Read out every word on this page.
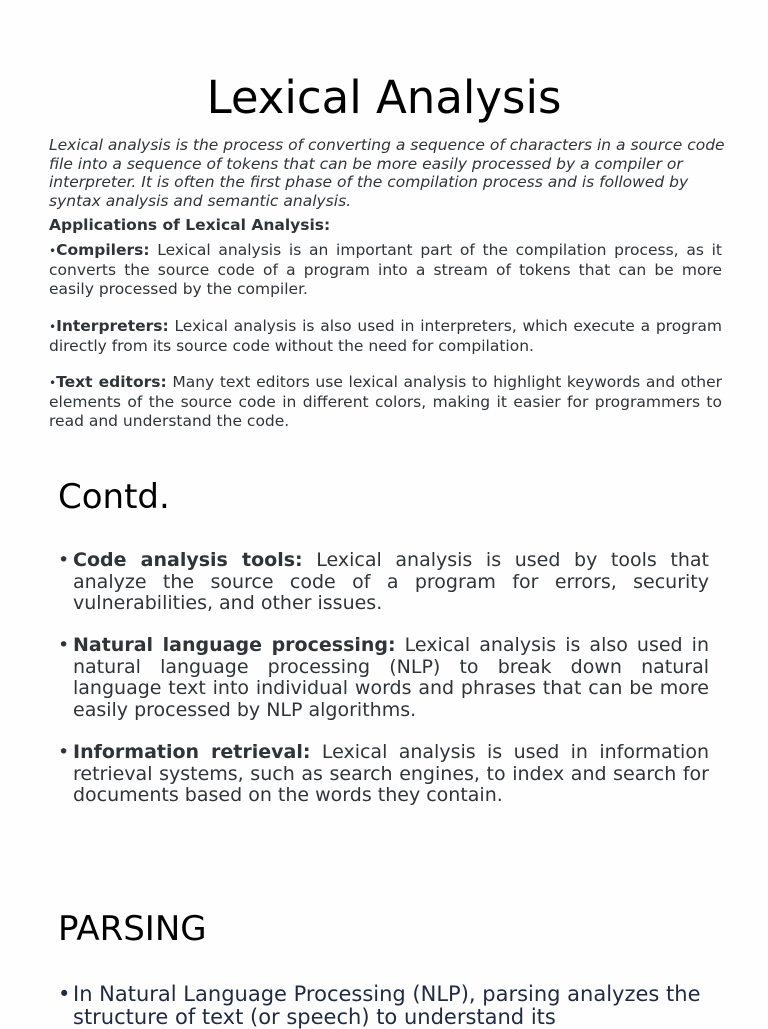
Lexical Analysis

Lexical analysis is the process of converting a sequence of characters in a source code file into a sequence of tokens that can be more easily processed by a compiler or interpreter. It is often the first phase of the compilation process and is followed by syntax analysis and semantic analysis.

Applications of Lexical Analysis:

•Compilers: Lexical analysis is an important part of the compilation process, as it converts the source code of a program into a stream of tokens that can be more easily processed by the compiler.

•Interpreters: Lexical analysis is also used in interpreters, which execute a program directly from its source code without the need for compilation.

•Text editors: Many text editors use lexical analysis to highlight keywords and other elements of the source code in different colors, making it easier for programmers to read and understand the code.

Contd.
• Code analysis tools: Lexical analysis is used by tools that analyze the source code of a program for errors, security vulnerabilities, and other issues.
• Natural language processing: Lexical analysis is also used in natural language processing (NLP) to break down natural language text into individual words and phrases that can be more easily processed by NLP algorithms.
• Information retrieval: Lexical analysis is used in information retrieval systems, such as search engines, to index and search for documents based on the words they contain.
PARSING
• In Natural Language Processing (NLP), parsing analyzes the structure of text (or speech) to understand its
